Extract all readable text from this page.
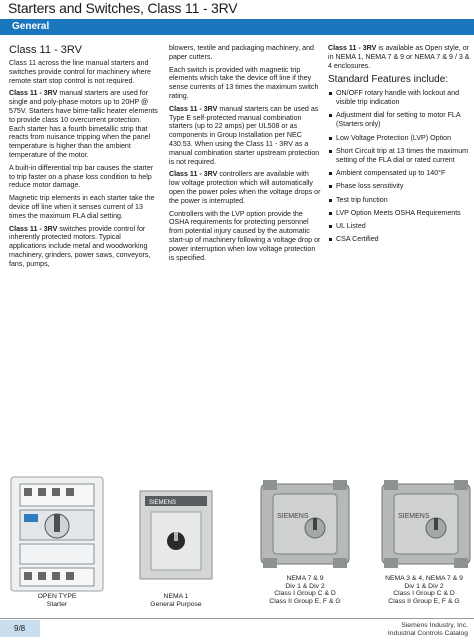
Starters and Switches, Class 11 - 3RV
General
Class 11 - 3RV

Class 11 across the line manual starters and switches provide control for machinery where remote start stop control is not required.

Class 11 - 3RV manual starters are used for single and poly-phase motors up to 20HP @ 575V. Starters have bime-tallic heater elements to provide class 10 overcurrent protection. Each starter has a fourth bimetallic strip that reacts from nuisance tripping when the panel temperature is higher than the ambient temperature of the motor.

A built-in differential trip bar causes the starter to trip faster on a phase loss condition to help reduce motor damage.

Magnetic trip elements in each starter take the device off line when it senses current of 13 times the maximum FLA dial setting.

Class 11 - 3RV switches provide control for inherently protected motors. Typical applications include metal and woodworking machinery, grinders, power saws, conveyors, fans, pumps,

blowers, textile and packaging machinery, and paper cutters.

Each switch is provided with magnetic trip elements which take the device off line if they sense currents of 13 times the maximum switch rating.

Class 11 - 3RV manual starters can be used as Type E self-protected manual combination starters (up to 22 amps) per UL508 or as components in Group Installation per NEC 430.53. When using the Class 11 - 3RV as a manual combination starter upstream protection is not required.

Class 11 - 3RV controllers are available with low voltage protection which will automatically open the power poles when the voltage drops or the power is interrupted.

Controllers with the LVP option provide the OSHA requirements for protecting personnel from potential injury caused by the automatic start-up of machinery following a voltage drop or power interruption when low voltage protection is specified.

Class 11 - 3RV is available as Open style, or in NEMA 1, NEMA 7 & 9 or NEMA 7 & 9 / 3 & 4 enclosures.

Standard Features include:
ON/OFF rotary handle with lockout and visible trip indication
Adjustment dial for setting to motor FLA (Starters only)
Low Voltage Protection (LVP) Option
Short Circuit trip at 13 times the maximum setting of the FLA dial or rated current
Ambient compensated up to 140°F
Phase loss sensitivity
Test trip function
LVP Option Meets OSHA Requirements
UL Listed
CSA Certified
OPEN TYPE
Starter
SIEMENS
NEMA 1
General Purpose
SIEMENS
NEMA 7 & 9
Div 1 & Div 2
Class I Group C & D
Class II Group E, F & G
SIEMENS
NEMA 3 & 4, NEMA 7 & 9
Div 1 & Div 2
Class I Group C & D
Class II Group E, F & G
9/8	Siemens Industry, Inc.
Industrial Controls Catalog
